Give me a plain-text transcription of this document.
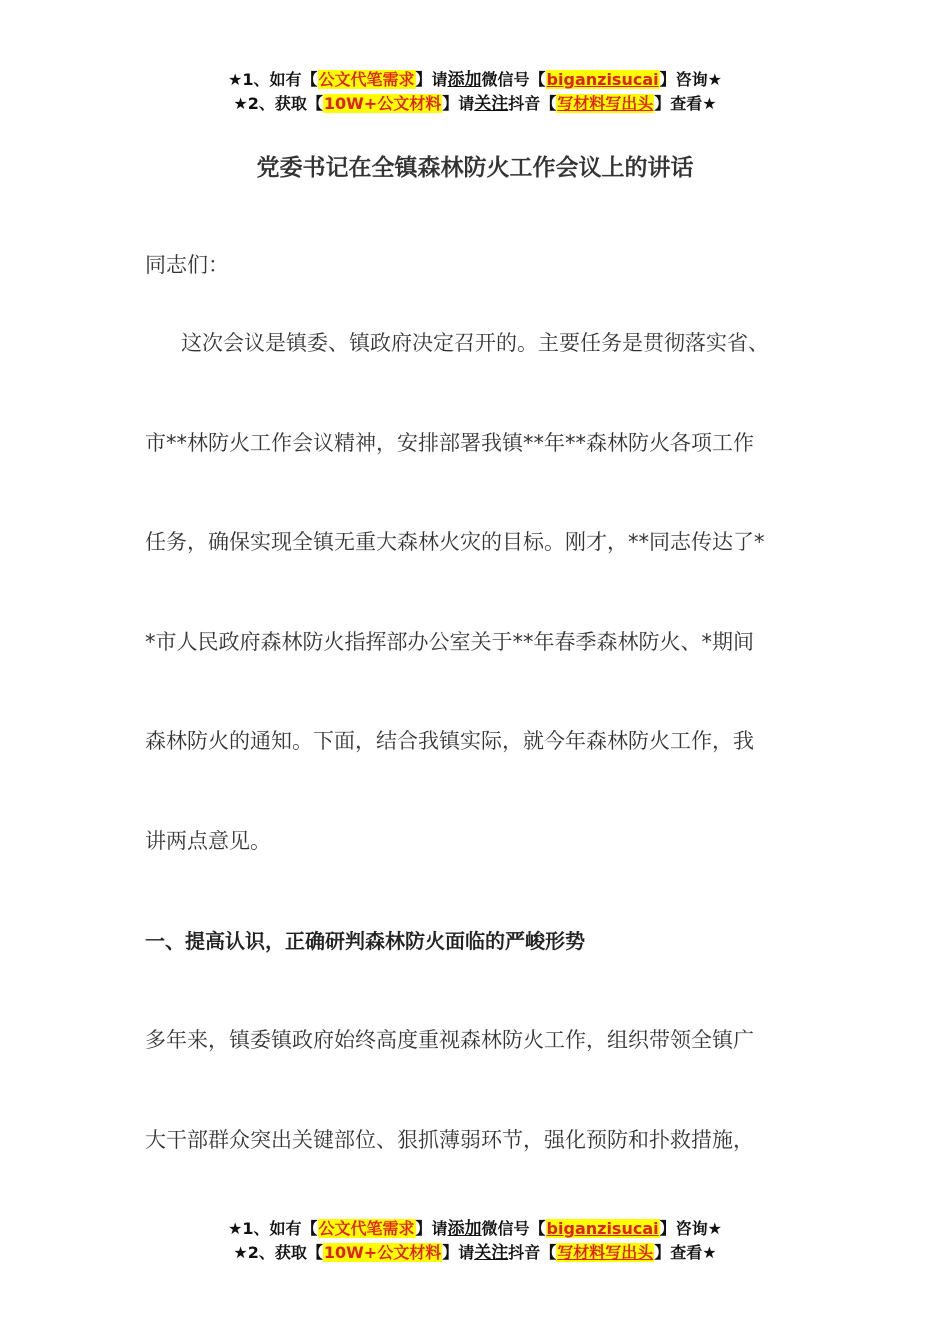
★1、如有【公文代笔需求】请添加微信号【biganzisucai】咨询★
★2、获取【10W+公文材料】请关注抖音【写材料写出头】查看★
党委书记在全镇森林防火工作会议上的讲话
同志们：
这次会议是镇委、镇政府决定召开的。主要任务是贯彻落实省、
市**林防火工作会议精神，安排部署我镇**年**森林防火各项工作
任务，确保实现全镇无重大森林火灾的目标。刚才，**同志传达了*
*市人民政府森林防火指挥部办公室关于**年春季森林防火、*期间
森林防火的通知。下面，结合我镇实际，就今年森林防火工作，我
讲两点意见。
一、提高认识，正确研判森林防火面临的严峻形势
多年来，镇委镇政府始终高度重视森林防火工作，组织带领全镇广
大干部群众突出关键部位、狠抓薄弱环节，强化预防和扑救措施，
★1、如有【公文代笔需求】请添加微信号【biganzisucai】咨询★
★2、获取【10W+公文材料】请关注抖音【写材料写出头】查看★
